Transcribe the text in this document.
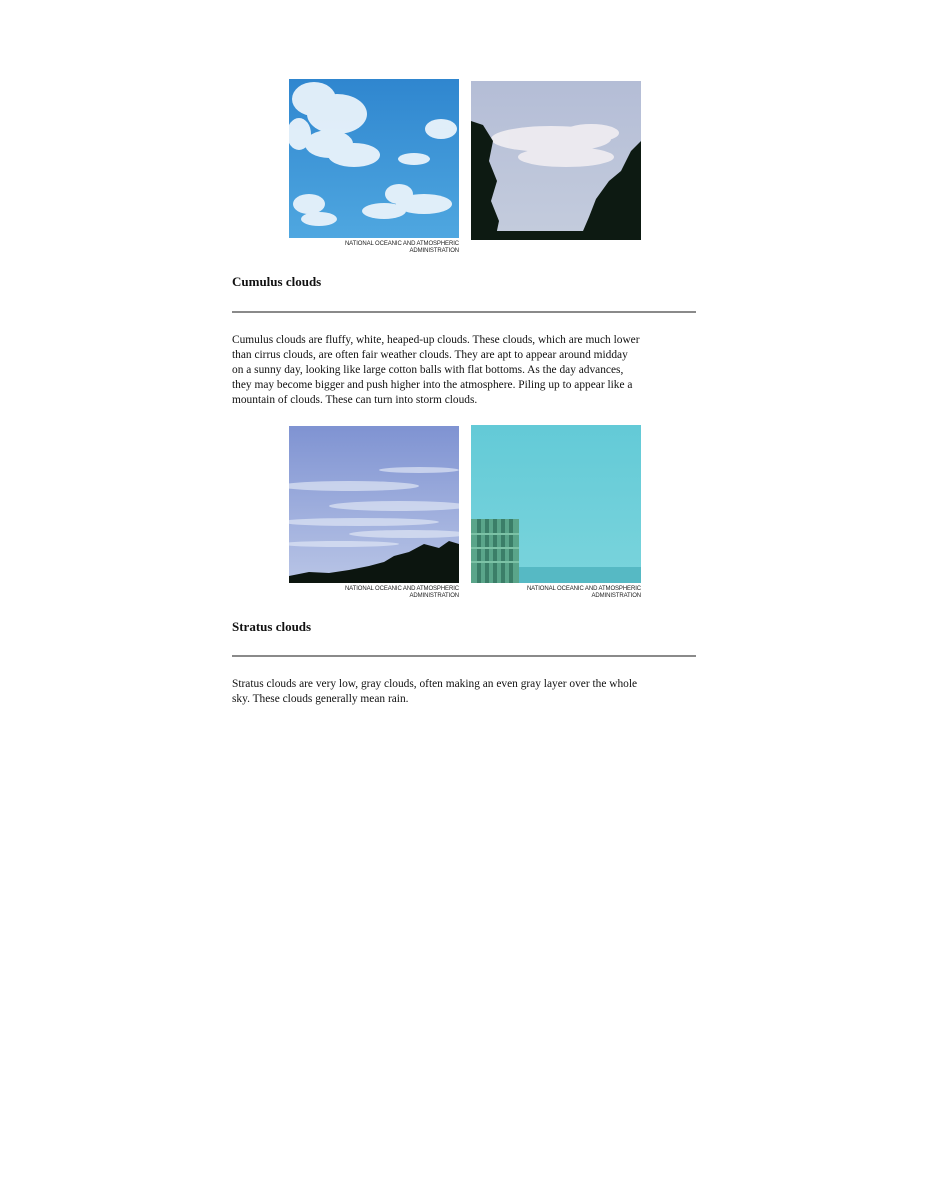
NATIONAL OCEANIC AND ATMOSPHERIC
ADMINISTRATION
Cumulus clouds

Cumulus clouds are fluffy, white, heaped-up clouds. These clouds, which are much lower
than cirrus clouds, are often fair weather clouds. They are apt to appear around midday
on a sunny day, looking like large cotton balls with flat bottoms. As the day advances,
they may become bigger and push higher into the atmosphere. Piling up to appear like a
mountain of clouds. These can turn into storm clouds.

NATIONAL OCEANIC AND ATMOSPHERIC
ADMINISTRATION
NATIONAL OCEANIC AND ATMOSPHERIC
ADMINISTRATION
Stratus clouds

Stratus clouds are very low, gray clouds, often making an even gray layer over the whole
sky. These clouds generally mean rain.
